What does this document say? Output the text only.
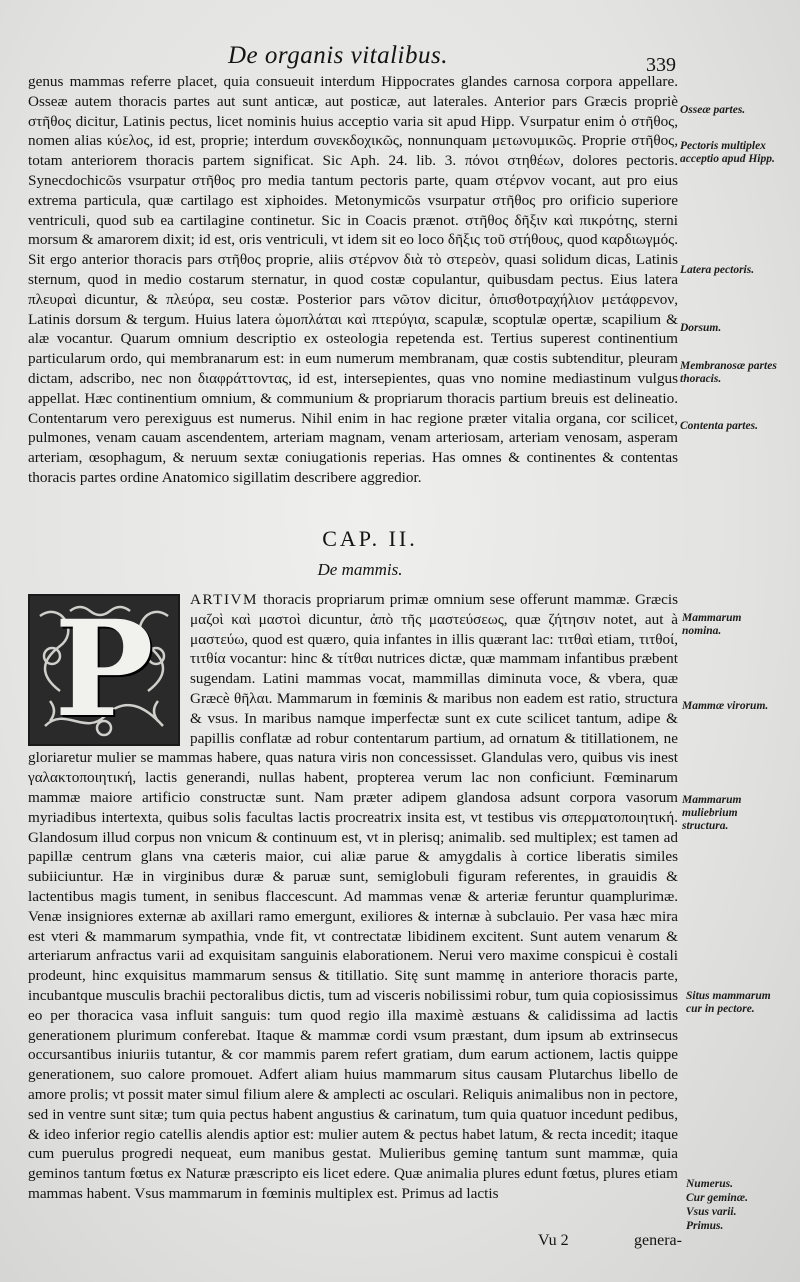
De organis vitalibus.	339

genus mammas referre placet, quia consueuit interdum Hippocrates glandes carnosa corpora appellare. Osseæ autem thoracis partes aut sunt anticæ, aut posticæ, aut laterales. Anterior pars Græcis propriè στῆθος dicitur, Latinis pectus, licet nominis huius acceptio varia sit apud Hipp. Vsurpatur enim ὁ στῆθος, nomen alias κύελος, id est, proprie; interdum συνεκδοχικῶς, nonnunquam μετωνυμικῶς. Proprie στῆθος, totam anteriorem thoracis partem significat. Sic Aph. 24. lib. 3. πόνοι στηθέων, dolores pectoris. Synecdochicῶs vsurpatur στῆθος pro media tantum pectoris parte, quam στέρνον vocant, aut pro eius extrema particula, quæ cartilago est xiphoides. Metonymicῶs vsurpatur στῆθος pro orificio superiore ventriculi, quod sub ea cartilagine continetur. Sic in Coacis prænot. στῆθος δῆξιν καὶ πικρότης, sterni morsum & amarorem dixit; id est, oris ventriculi, vt idem sit eo loco δῆξις τοῦ στήθους, quod καρδιωγμός. Sit ergo anterior thoracis pars στῆθος proprie, aliis στέρνον διὰ τὸ στερεὸν, quasi solidum dicas, Latinis sternum, quod in medio costarum sternatur, in quod costæ copulantur, quibusdam pectus. Eius latera πλευραὶ dicuntur, & πλεύρα, seu costæ. Posterior pars νῶτον dicitur, ὀπισθοτραχήλιον μετάφρενον, Latinis dorsum & tergum. Huius latera ὠμοπλάται καὶ πτερύγια, scapulæ, scoptulæ opertæ, scapilium & alæ vocantur. Quarum omnium descriptio ex osteologia repetenda est. Tertius superest continentium particularum ordo, qui membranarum est: in eum numerum membranam, quæ costis subtenditur, pleuram dictam, adscribo, nec non διαφράττοντας, id est, intersepientes, quas vno nomine mediastinum vulgus appellat. Hæc continentium omnium, & communium & propriarum thoracis partium breuis est delineatio. Contentarum vero perexiguus est numerus. Nihil enim in hac regione præter vitalia organa, cor scilicet, pulmones, venam cauam ascendentem, arteriam magnam, venam arteriosam, arteriam venosam, asperam arteriam, œsophagum, & neruum sextæ coniugationis reperias. Has omnes & continentes & contentas thoracis partes ordine Anatomico sigillatim describere aggredior.

CAP. II.
De mammis.
P	ARTIVM thoracis propriarum primæ omnium sese offerunt mammæ. Græcis μαζοὶ καὶ μαστοὶ dicuntur, ἀπὸ τῆς μαστεύσεως, quæ ζήτησιν notet, aut à μαστεύω, quod est quæro, quia infantes in illis quærant lac: τιτθαὶ etiam, τιτθοί, τιτθία vocantur: hinc & τίτθαι nutrices dictæ, quæ mammam infantibus præbent sugendam. Latini mammas vocat, mammillas diminuta voce, & vbera, quæ Græcè θῆλαι. Mammarum in fœminis & maribus non eadem est ratio, structura & vsus. In maribus namque imperfectæ sunt ex cute scilicet tantum, adipe & papillis conflatæ ad robur contentarum partium, ad ornatum & titillationem, ne gloriaretur mulier se mammas habere, quas natura viris non concessisset. Glandulas vero, quibus vis inest γαλακτοποιητική, lactis generandi, nullas habent, propterea verum lac non conficiunt. Fœminarum mammæ maiore artificio constructæ sunt. Nam præter adipem glandosa adsunt corpora vasorum myriadibus intertexta, quibus solis facultas lactis procreatrix insita est, vt testibus vis σπερματοποιητική. Glandosum illud corpus non vnicum & continuum est, vt in plerisq; animalib. sed multiplex; est tamen ad papillæ centrum glans vna cæteris maior, cui aliæ parue & amygdalis à cortice liberatis similes subiiciuntur. Hæ in virginibus duræ & paruæ sunt, semiglobuli figuram referentes, in grauidis & lactentibus magis tument, in senibus flaccescunt. Ad mammas venæ & arteriæ feruntur quamplurimæ. Venæ insigniores externæ ab axillari ramo emergunt, exiliores & internæ à subclauio. Per vasa hæc mira est vteri & mammarum sympathia, vnde fit, vt contrectatæ libidinem excitent. Sunt autem venarum & arteriarum anfractus varii ad exquisitam sanguinis elaborationem. Nerui vero maxime conspicui è costali prodeunt, hinc exquisitus mammarum sensus & titillatio. Sitę sunt mammę in anteriore thoracis parte, incubantque musculis brachii pectoralibus dictis, tum ad visceris nobilissimi robur, tum quia copiosissimus eo per thoracica vasa influit sanguis: tum quod regio illa maximè æstuans & calidissima ad lactis generationem plurimum conferebat. Itaque & mammæ cordi vsum præstant, dum ipsum ab extrinsecus occursantibus iniuriis tutantur, & cor mammis parem refert gratiam, dum earum actionem, lactis quippe generationem, suo calore promouet. Adfert aliam huius mammarum situs causam Plutarchus libello de amore prolis; vt possit mater simul filium alere & amplecti ac osculari. Reliquis animalibus non in pectore, sed in ventre sunt sitæ; tum quia pectus habent angustius & carinatum, tum quia quatuor incedunt pedibus, & ideo inferior regio catellis alendis aptior est: mulier autem & pectus habet latum, & recta incedit; itaque cum puerulus progredi nequeat, eum manibus gestat. Mulieribus geminę tantum sunt mammæ, quia geminos tantum fœtus ex Naturæ præscripto eis licet edere. Quæ animalia plures edunt fœtus, plures etiam mammas habent. Vsus mammarum in fœminis multiplex est. Primus ad lactis

Osseæ partes.
Pectoris multiplex acceptio apud Hipp.
Latera pectoris.
Dorsum.
Membranosæ partes thoracis.
Contenta partes.
Mammarum nomina.
Mammæ virorum.
Mammarum muliebrium structura.
Situs mammarum cur in pectore.
Numerus.
Cur geminæ.
Vsus varii.
Primus.
Vu 2	genera-
